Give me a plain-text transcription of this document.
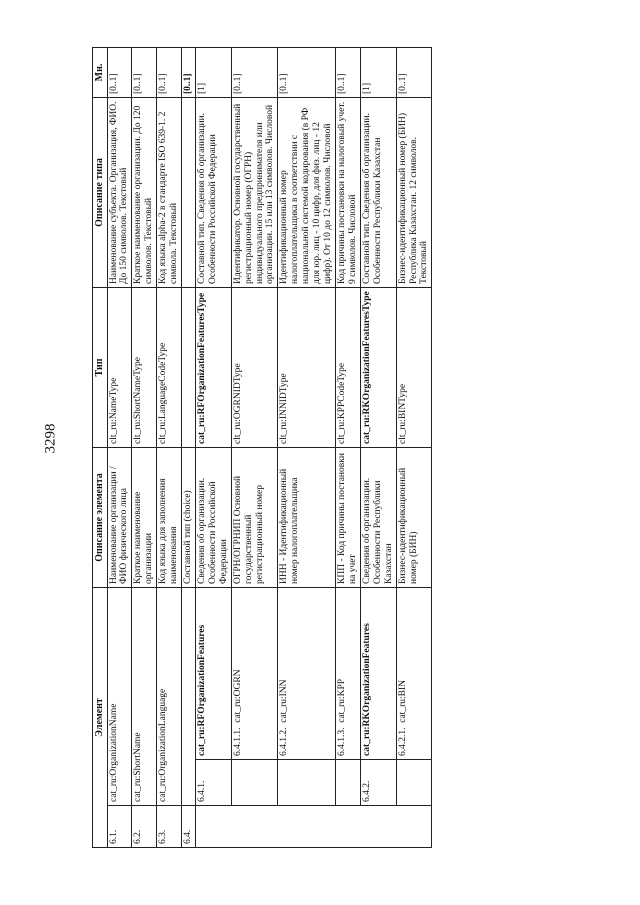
3298
Элемент			Описание элемента	Тип	Описание типа	Мн.
6.1.	cat_ru:OrganizationName		Наименование организации / ФИО физического лица	clt_ru:NameType	Наименование субъекта. Организация, ФИО. До 150 символов. Текстовый	[0..1]
6.2.	cat_ru:ShortName		Краткое наименование организации	clt_ru:ShortNameType	Краткое наименование организации. До 120 символов. Текстовый	[0..1]
6.3.	cat_ru:OrganizationLanguage		Код языка для заполнения наименования	clt_ru:LanguageCodeType	Код языка alpha-2 в стандарте ISO 639-1. 2 символа. Текстовый	[0..1]
6.4.			Составной тип (choice)			[0..1]
	6.4.1.	cat_ru:RFOrganizationFeatures	Сведения об организации. Особенности Российской Федерации	cat_ru:RFOrganizationFeaturesType	Составной тип. Сведения об организации. Особенности Российской Федерации	[1]
		6.4.1.1.  cat_ru:OGRN	ОГРН/ОГРНИП Основной государственный регистрационный номер	clt_ru:OGRNIDType	Идентификатор. Основной государственный регистрационный номер (ОГРН) индивидуального предпринимателя или организации. 15 или 13 символов. Числовой	[0..1]
		6.4.1.2.  cat_ru:INN	ИНН - Идентификационный номер налогоплательщика	clt_ru:INNIDType	Идентификационный номер налогоплательщика в соответствии с национальной системой кодирования (в РФ для юр. лиц - 10 цифр, для физ. лиц - 12 цифр). От 10 до 12 символов. Числовой	[0..1]
		6.4.1.3.  cat_ru:KPP	КПП - Код причины постановки на учет	clt_ru:KPPCodeType	Код причины постановки на налоговый учет. 9 символов. Числовой	[0..1]
	6.4.2.	cat_ru:RKOrganizationFeatures	Сведения об организации. Особенности Республики Казахстан	cat_ru:RKOrganizationFeaturesType	Составной тип. Сведения об организации. Особенности Республики Казахстан	[1]
		6.4.2.1.  cat_ru:BIN	Бизнес-идентификационный номер (БИН)	clt_ru:BINType	Бизнес-идентификационный номер (БИН) Республика Казахстан. 12 символов. Текстовый	[0..1]
